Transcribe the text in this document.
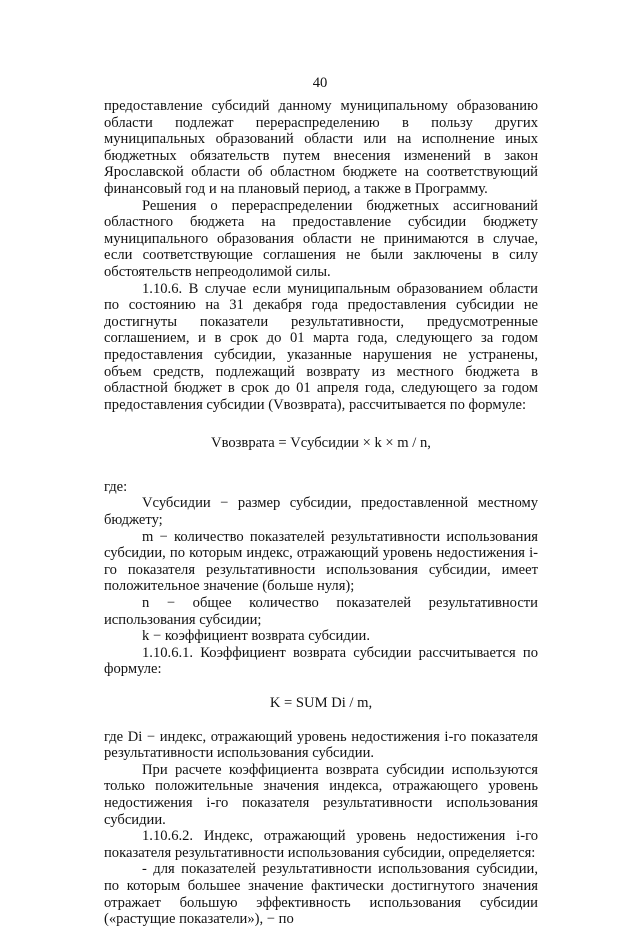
40

предоставление субсидий данному муниципальному образованию области подлежат перераспределению в пользу других муниципальных образований области или на исполнение иных бюджетных обязательств путем внесения изменений в закон Ярославской области об областном бюджете на соответствующий финансовый год и на плановый период, а также в Программу.

Решения о перераспределении бюджетных ассигнований областного бюджета на предоставление субсидии бюджету муниципального образования области не принимаются в случае, если соответствующие соглашения не были заключены в силу обстоятельств непреодолимой силы.

1.10.6. В случае если муниципальным образованием области по состоянию на 31 декабря года предоставления субсидии не достигнуты показатели результативности, предусмотренные соглашением, и в срок до 01 марта года, следующего за годом предоставления субсидии, указанные нарушения не устранены, объем средств, подлежащий возврату из местного бюджета в областной бюджет в срок до 01 апреля года, следующего за годом предоставления субсидии (Vвозврата), рассчитывается по формуле:

Vвозврата = Vсубсидии × k × m / n,

где:

Vсубсидии − размер субсидии, предоставленной местному бюджету;

m − количество показателей результативности использования субсидии, по которым индекс, отражающий уровень недостижения i-го показателя результативности использования субсидии, имеет положительное значение (больше нуля);

n − общее количество показателей результативности использования субсидии;

k − коэффициент возврата субсидии.

1.10.6.1. Коэффициент возврата субсидии рассчитывается по формуле:

K = SUM Di / m,

где Di − индекс, отражающий уровень недостижения i-го показателя результативности использования субсидии.

При расчете коэффициента возврата субсидии используются только положительные значения индекса, отражающего уровень недостижения i-го показателя результативности использования субсидии.

1.10.6.2. Индекс, отражающий уровень недостижения i-го показателя результативности использования субсидии, определяется:

- для показателей результативности использования субсидии, по которым большее значение фактически достигнутого значения отражает большую эффективность использования субсидии («растущие показатели»), − по
